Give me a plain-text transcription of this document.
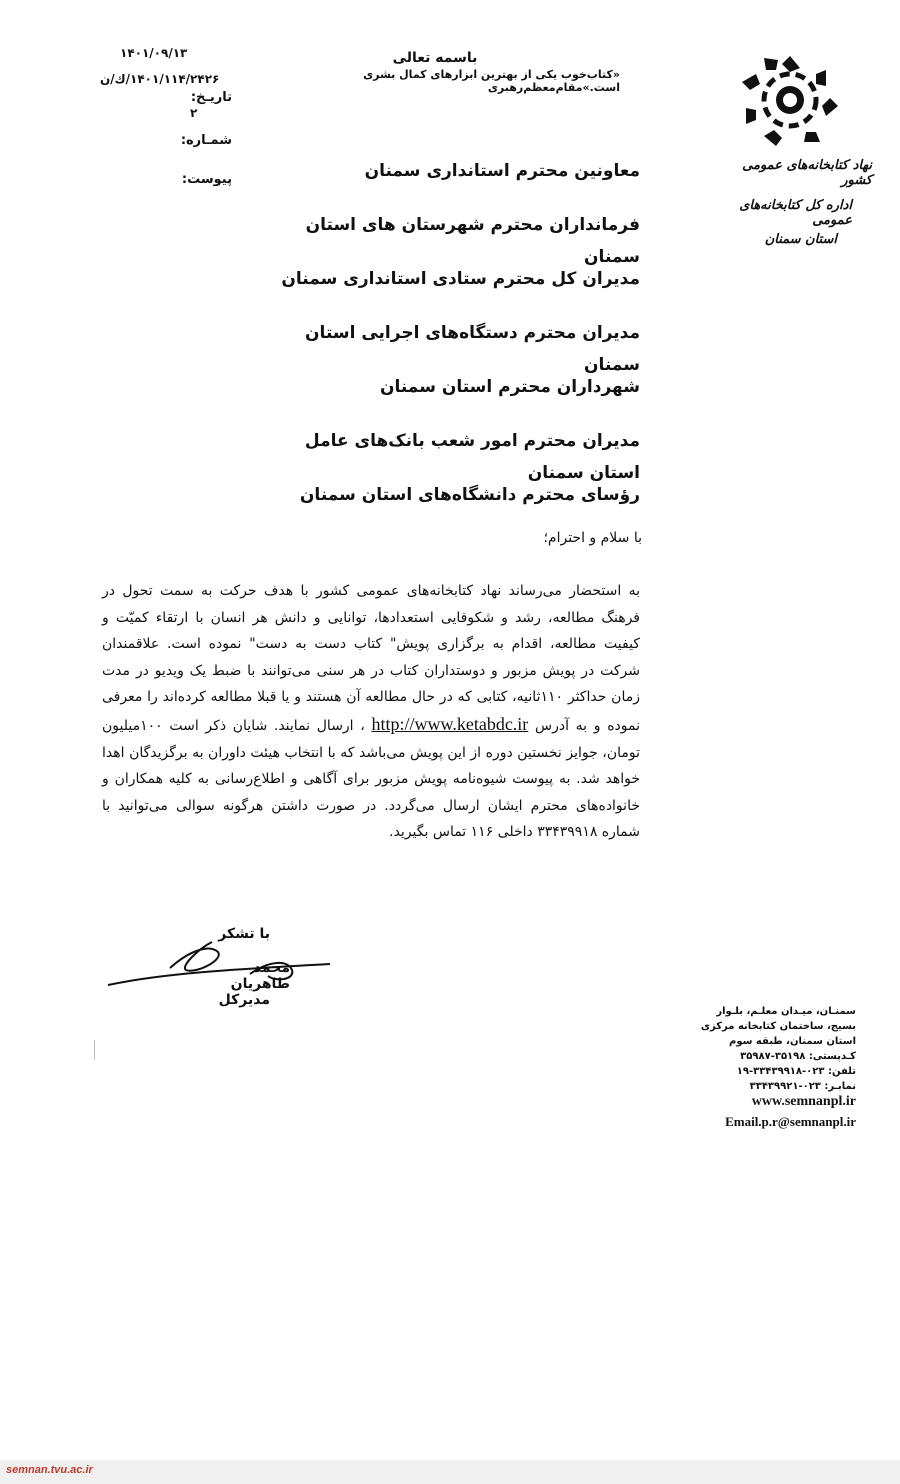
باسمه تعالی
«کتاب‌خوب یکی از بهترین ابزارهای کمال بشری است.»مقام‌معظم‌رهبری
۱۴۰۱/۰۹/۱۳
۱۴۰۱/۱۱۴/۲۴۲۶/ك/ن
۲
تاریـخ:
شمـاره:
پیوست:
نهاد کتابخانه‌های عمومی کشور
اداره کل کتابخانه‌های عمومی
استان سمنان
معاونین محترم استانداری سمنان
فرمانداران محترم شهرستان های استان سمنان
مدیران کل محترم ستادی استانداری سمنان
مدیران محترم دستگاه‌های اجرایی استان سمنان
شهرداران محترم استان سمنان
مدیران محترم امور شعب بانک‌های عامل استان سمنان
رؤسای محترم دانشگاه‌های استان سمنان
با سلام و احترام؛
به استحضار می‌رساند نهاد کتابخانه‌های عمومی کشور با هدف حرکت به سمت تحول در فرهنگ مطالعه، رشد و شکوفایی استعدادها، توانایی و دانش هر انسان با ارتقاء کمیّت و کیفیت مطالعه، اقدام به برگزاری پویش" کتاب دست به دست" نموده است. علاقمندان شرکت در پویش مزبور و دوستداران کتاب در هر سنی می‌توانند با ضبط یک ویدیو در مدت زمان حداکثر ۱۱۰ثانیه، کتابی که در حال مطالعه آن هستند و یا قبلا مطالعه کرده‌اند را معرفی نموده و به آدرس http://www.ketabdc.ir ، ارسال نمایند. شایان ذکر است ۱۰۰میلیون تومان، جوایز نخستین دوره از این پویش می‌باشد که با انتخاب هیئت داوران به برگزیدگان اهدا خواهد شد. به پیوست شیوه‌نامه پویش مزبور برای آگاهی و اطلاع‌رسانی به کلیه همکاران و خانواده‌های محترم ایشان ارسال می‌گردد. در صورت داشتن هرگونه سوالی می‌توانید با شماره ۳۳۴۳۹۹۱۸ داخلی ۱۱۶ تماس بگیرید.
با تشکر
محمد طاهریان
مدیرکل
سمنـان، میـدان معلـم، بلـوار
بسیج، ساختمان کتابخانه مرکزی
استان سمنان، طبقه سوم
کـدپستی: ۳۵۱۹۸-۳۵۹۸۷
تلفن: ۰۲۳-۳۳۴۳۹۹۱۸-۱۹
نمابـر: ۰۲۳-۳۳۴۳۹۹۲۱
www.semnanpl.ir
Email.p.r@semnanpl.ir
semnan.tvu.ac.ir
